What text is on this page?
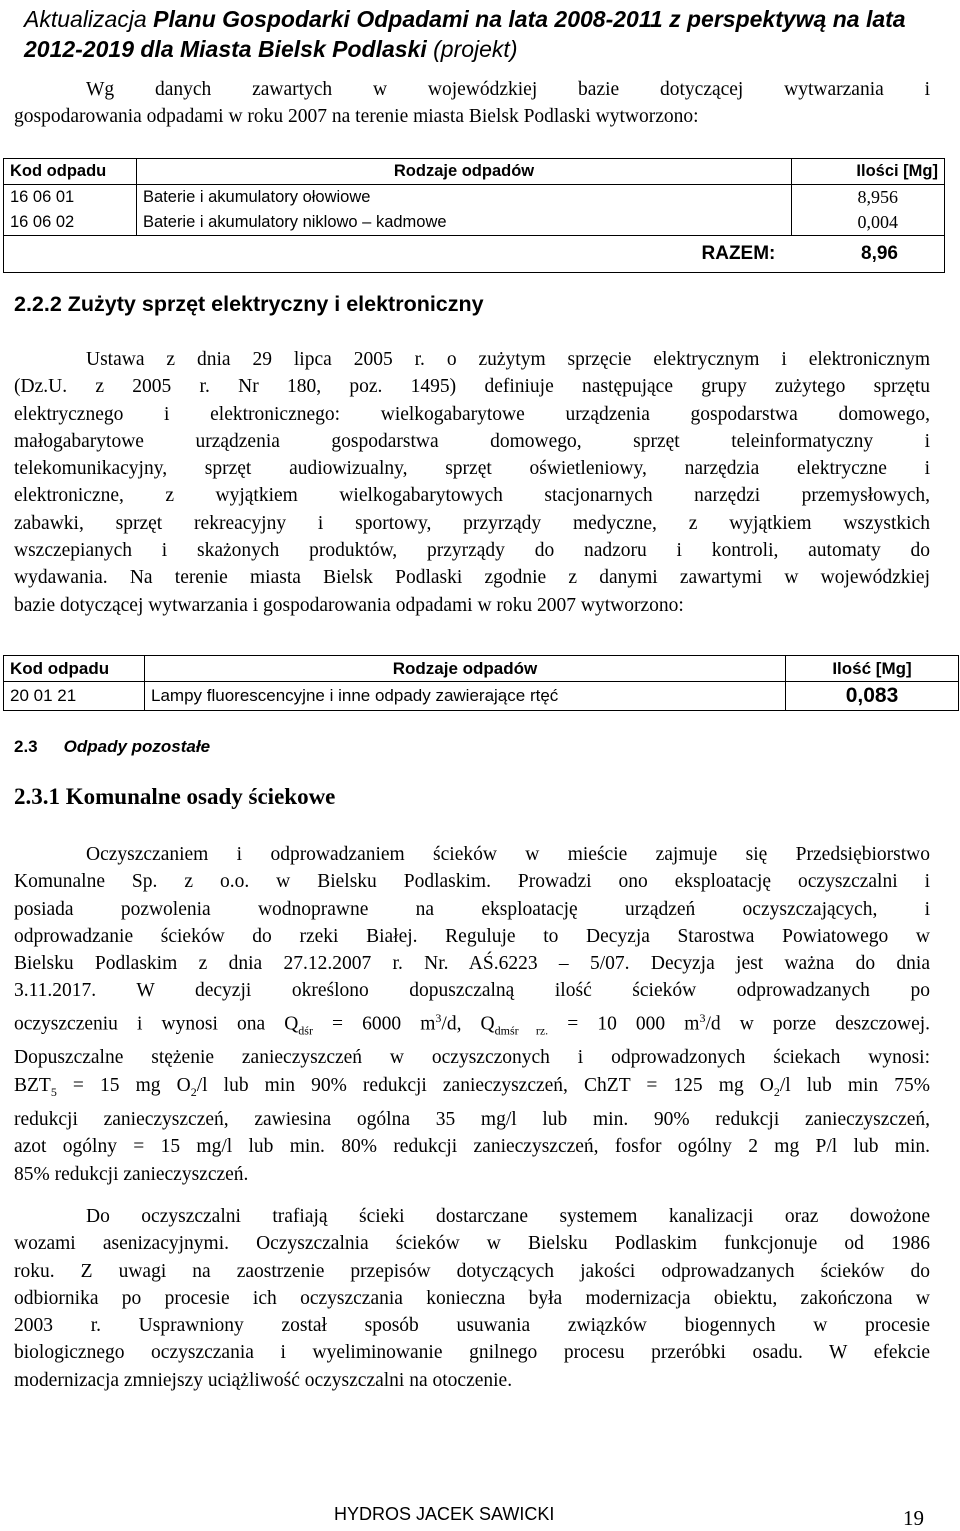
Aktualizacja Planu Gospodarki Odpadami na lata 2008-2011 z perspektywą na lata 2012-2019 dla Miasta Bielsk Podlaski (projekt)
Wg danych zawartych w wojewódzkiej bazie dotyczącej wytwarzania i
gospodarowania odpadami w roku 2007 na terenie miasta Bielsk Podlaski wytworzono:
Kod odpadu	Rodzaje odpadów	Ilości [Mg]
16 06 01	Baterie i akumulatory ołowiowe	8,956
16 06 02	Baterie i akumulatory niklowo – kadmowe	0,004

		RAZEM: 8,96
2.2.2 Zużyty sprzęt elektryczny i elektroniczny
Ustawa z dnia 29 lipca 2005 r. o zużytym sprzęcie elektrycznym i elektronicznym
(Dz.U. z 2005 r. Nr 180, poz. 1495) definiuje następujące grupy zużytego sprzętu
elektrycznego i elektronicznego: wielkogabarytowe urządzenia gospodarstwa domowego,
małogabarytowe urządzenia gospodarstwa domowego, sprzęt teleinformatyczny i
telekomunikacyjny, sprzęt audiowizualny, sprzęt oświetleniowy, narzędzia elektryczne i
elektroniczne, z wyjątkiem wielkogabarytowych stacjonarnych narzędzi przemysłowych,
zabawki, sprzęt rekreacyjny i sportowy, przyrządy medyczne, z wyjątkiem wszystkich
wszczepianych i skażonych produktów, przyrządy do nadzoru i kontroli, automaty do
wydawania. Na terenie miasta Bielsk Podlaski zgodnie z danymi zawartymi w wojewódzkiej
bazie dotyczącej wytwarzania i gospodarowania odpadami w roku 2007 wytworzono:
Kod odpadu	Rodzaje odpadów	Ilość [Mg]
20 01 21	Lampy fluorescencyjne i inne odpady zawierające rtęć	0,083
2.3 Odpady pozostałe
2.3.1 Komunalne osady ściekowe
Oczyszczaniem i odprowadzaniem ścieków w mieście zajmuje się Przedsiębiorstwo
Komunalne Sp. z o.o. w Bielsku Podlaskim. Prowadzi ono eksploatację oczyszczalni i
posiada pozwolenia wodnoprawne na eksploatację urządzeń oczyszczających, i
odprowadzanie ścieków do rzeki Białej. Reguluje to Decyzja Starostwa Powiatowego w
Bielsku Podlaskim z dnia 27.12.2007 r. Nr. AŚ.6223 – 5/07. Decyzja jest ważna do dnia
3.11.2017. W decyzji określono dopuszczalną ilość ścieków odprowadzanych po
oczyszczeniu i wynosi ona $Q_{dśr} = 6000$ $m^3/d$, $Q_{dmśr rz.} = 10$ 000 $m^3/d$ w porze deszczowej.
Dopuszczalne stężenie zanieczyszczeń w oczyszczonych i odprowadzonych ściekach wynosi:
$BZT_5 = 15$ mg $O_2/l$ lub min 90% redukcji zanieczyszczeń, ChZT = 125 mg $O_2/l$ lub min 75%
redukcji zanieczyszczeń, zawiesina ogólna 35 mg/l lub min. 90% redukcji zanieczyszczeń,
azot ogólny = 15 mg/l lub min. 80% redukcji zanieczyszczeń, fosfor ogólny 2 mg P/l lub min.
85% redukcji zanieczyszczeń.
Do oczyszczalni trafiają ścieki dostarczane systemem kanalizacji oraz dowożone
wozami asenizacyjnymi. Oczyszczalnia ścieków w Bielsku Podlaskim funkcjonuje od 1986
roku. Z uwagi na zaostrzenie przepisów dotyczących jakości odprowadzanych ścieków do
odbiornika po procesie ich oczyszczania konieczna była modernizacja obiektu, zakończona w
2003 r. Usprawniony został sposób usuwania związków biogennych w procesie
biologicznego oczyszczania i wyeliminowanie gnilnego procesu przeróbki osadu. W efekcie
modernizacja zmniejszy uciążliwość oczyszczalni na otoczenie.
HYDROS JACEK SAWICKI	19
